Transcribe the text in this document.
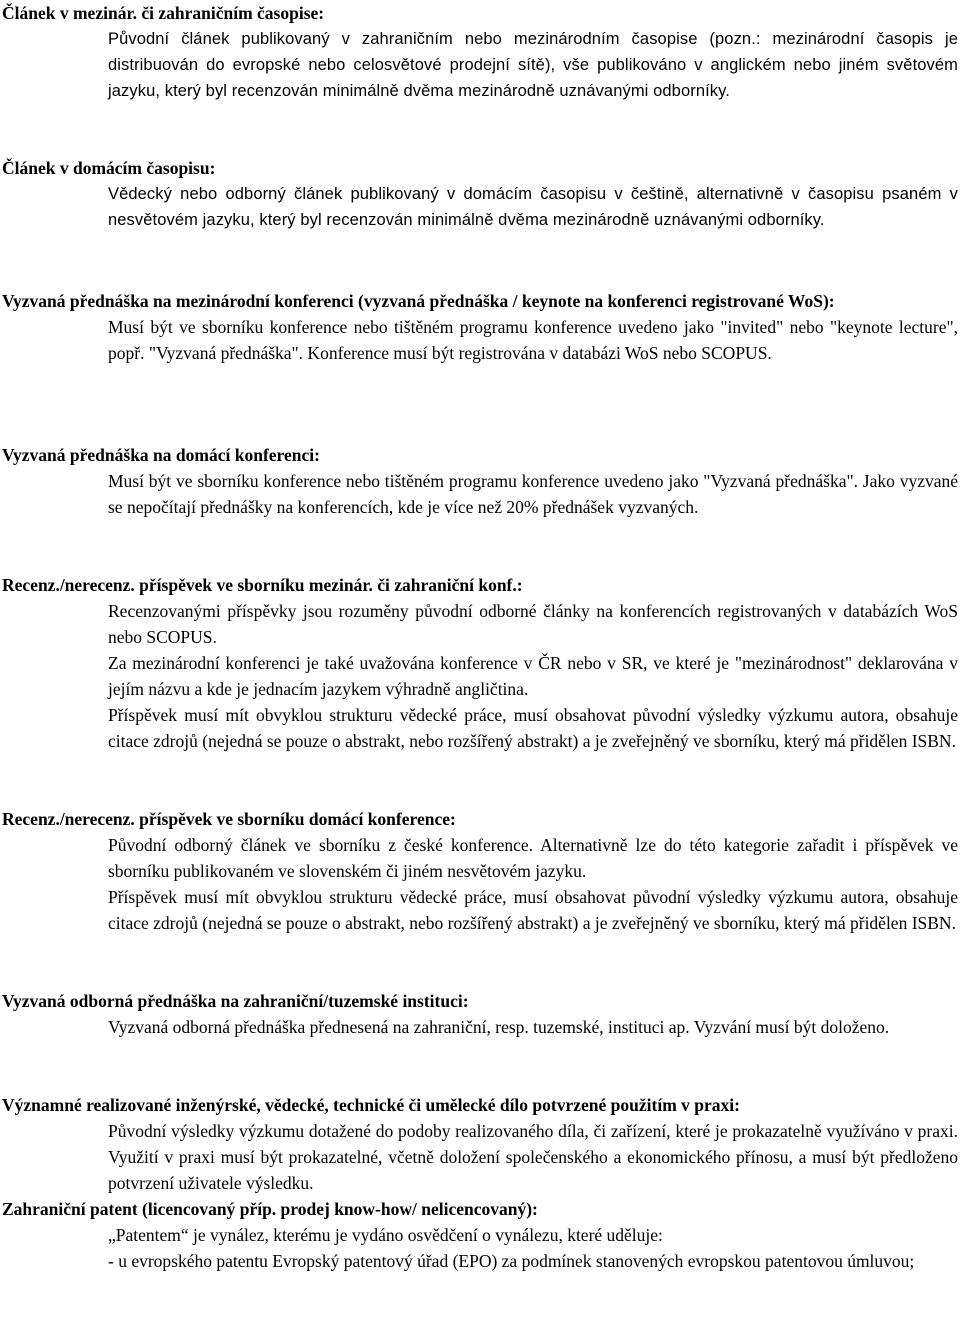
Článek v mezinár. či zahraničním časopise:
Původní článek publikovaný v zahraničním nebo mezinárodním časopise (pozn.: mezinárodní časopis je distribuován do evropské nebo celosvětové prodejní sítě), vše publikováno v anglickém nebo jiném světovém jazyku, který byl recenzován minimálně dvěma mezinárodně uznávanými odborníky.
Článek v domácím časopisu:
Vědecký nebo odborný článek publikovaný v domácím časopisu v češtině, alternativně v časopisu psaném v nesvětovém jazyku, který byl recenzován minimálně dvěma mezinárodně uznávanými odborníky.
Vyzvaná přednáška na mezinárodní konferenci (vyzvaná přednáška / keynote na konferenci registrované WoS):
Musí být ve sborníku konference nebo tištěném programu konference uvedeno jako "invited" nebo "keynote lecture", popř. "Vyzvaná přednáška". Konference musí být registrována v databázi WoS nebo SCOPUS.
Vyzvaná přednáška na domácí konferenci:
Musí být ve sborníku konference nebo tištěném programu konference uvedeno jako "Vyzvaná přednáška". Jako vyzvané se nepočítají přednášky na konferencích, kde je více než 20% přednášek vyzvaných.
Recenz./nerecenz. příspěvek ve sborníku mezinár. či zahraniční konf.:
Recenzovanými příspěvky jsou rozuměny původní odborné články na konferencích registrovaných v databázích WoS nebo SCOPUS.
Za mezinárodní konferenci je také uvažována konference v ČR nebo v SR, ve které je "mezinárodnost" deklarována v jejím názvu a kde je jednacím jazykem výhradně angličtina.
Příspěvek musí mít obvyklou strukturu vědecké práce, musí obsahovat původní výsledky výzkumu autora, obsahuje citace zdrojů (nejedná se pouze o abstrakt, nebo rozšířený abstrakt) a je zveřejněný ve sborníku, který má přidělen ISBN.
Recenz./nerecenz. příspěvek ve sborníku domácí konference:
Původní odborný článek ve sborníku z české konference. Alternativně lze do této kategorie zařadit i příspěvek ve sborníku publikovaném ve slovenském či jiném nesvětovém jazyku.
Příspěvek musí mít obvyklou strukturu vědecké práce, musí obsahovat původní výsledky výzkumu autora, obsahuje citace zdrojů (nejedná se pouze o abstrakt, nebo rozšířený abstrakt) a je zveřejněný ve sborníku, který má přidělen ISBN.
Vyzvaná odborná přednáška na zahraniční/tuzemské instituci:
Vyzvaná odborná přednáška přednesená na zahraniční, resp. tuzemské, instituci ap. Vyzvání musí být doloženo.
Významné realizované inženýrské, vědecké, technické či umělecké dílo potvrzené použitím v praxi:
Původní výsledky výzkumu dotažené do podoby realizovaného díla, či zařízení, které je prokazatelně využíváno v praxi. Využití v praxi musí být prokazatelné, včetně doložení společenského a ekonomického přínosu, a musí být předloženo potvrzení uživatele výsledku.
Zahraniční patent (licencovaný příp. prodej know-how/ nelicencovaný):
„Patentem“ je vynález, kterému je vydáno osvědčení o vynálezu, které uděluje:
- u evropského patentu Evropský patentový úřad (EPO) za podmínek stanovených evropskou patentovou úmluvou;
